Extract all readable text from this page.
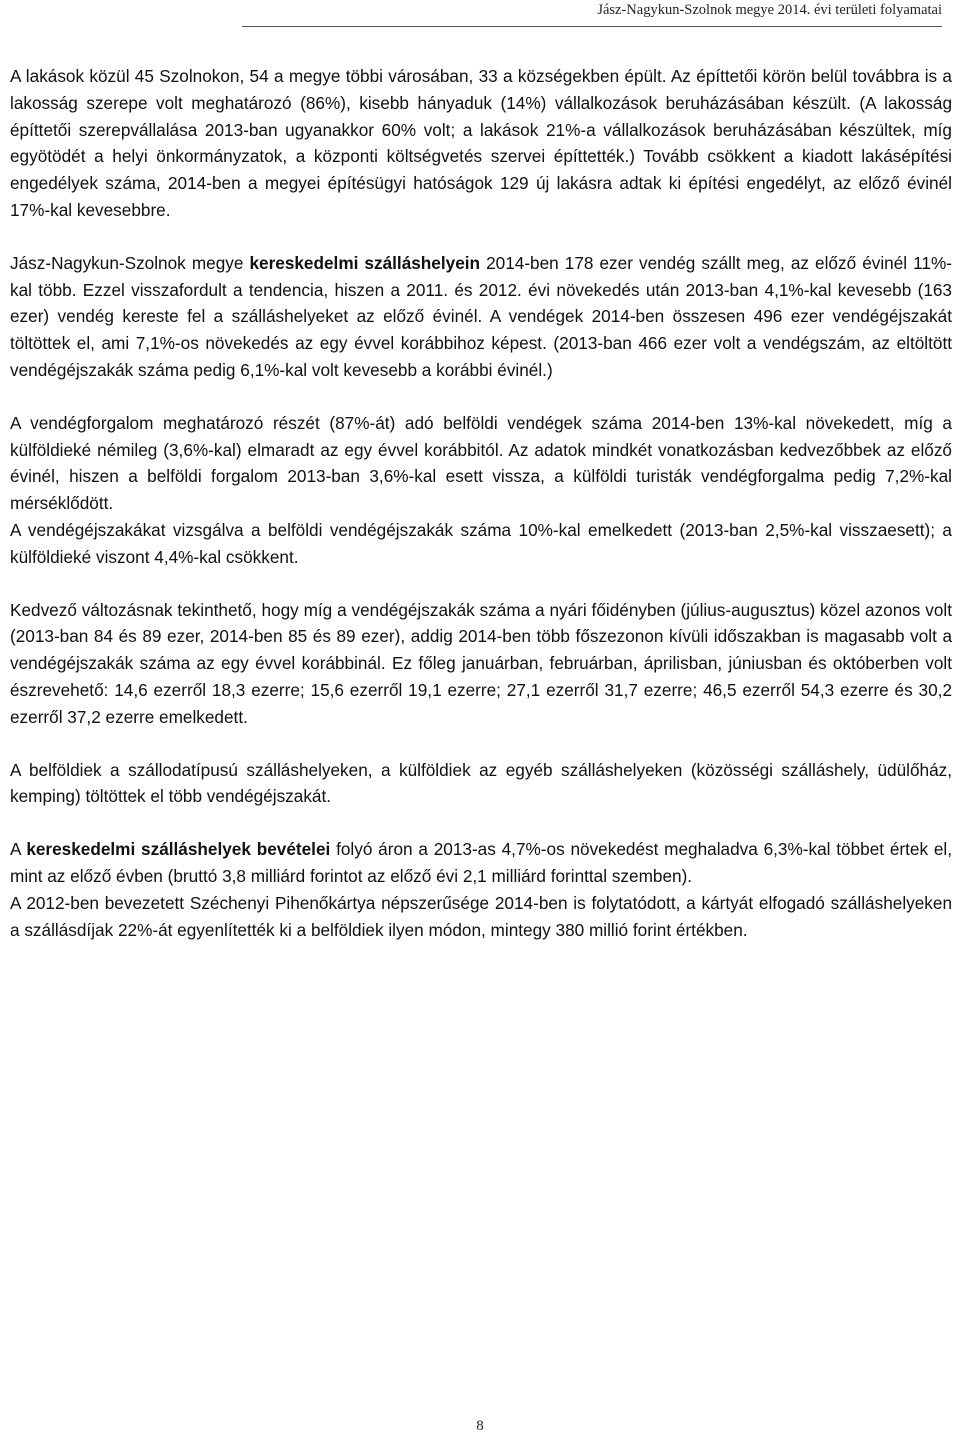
Jász-Nagykun-Szolnok megye 2014. évi területi folyamatai

A lakások közül 45 Szolnokon, 54 a megye többi városában, 33 a községekben épült. Az építtetői körön belül továbbra is a lakosság szerepe volt meghatározó (86%), kisebb hányaduk (14%) vállalkozások beruházásában készült. (A lakosság építtetői szerepvállalása 2013-ban ugyanakkor 60% volt; a lakások 21%-a vállalkozások beruházásában készültek, míg egyötödét a helyi önkormányzatok, a központi költségvetés szervei építtették.) Tovább csökkent a kiadott lakásépítési engedélyek száma, 2014-ben a megyei építésügyi hatóságok 129 új lakásra adtak ki építési engedélyt, az előző évinél 17%-kal kevesebbre.

Jász-Nagykun-Szolnok megye kereskedelmi szálláshelyein 2014-ben 178 ezer vendég szállt meg, az előző évinél 11%-kal több. Ezzel visszafordult a tendencia, hiszen a 2011. és 2012. évi növekedés után 2013-ban 4,1%-kal kevesebb (163 ezer) vendég kereste fel a szálláshelyeket az előző évinél. A vendégek 2014-ben összesen 496 ezer vendégéjszakát töltöttek el, ami 7,1%-os növekedés az egy évvel korábbihoz képest. (2013-ban 466 ezer volt a vendégszám, az eltöltött vendégéjszakák száma pedig 6,1%-kal volt kevesebb a korábbi évinél.)

A vendégforgalom meghatározó részét (87%-át) adó belföldi vendégek száma 2014-ben 13%-kal növekedett, míg a külföldieké némileg (3,6%-kal) elmaradt az egy évvel korábbitól. Az adatok mindkét vonatkozásban kedvezőbbek az előző évinél, hiszen a belföldi forgalom 2013-ban 3,6%-kal esett vissza, a külföldi turisták vendégforgalma pedig 7,2%-kal mérséklődött.

A vendégéjszakákat vizsgálva a belföldi vendégéjszakák száma 10%-kal emelkedett (2013-ban 2,5%-kal visszaesett); a külföldieké viszont 4,4%-kal csökkent.

Kedvező változásnak tekinthető, hogy míg a vendégéjszakák száma a nyári főidényben (július-augusztus) közel azonos volt (2013-ban 84 és 89 ezer, 2014-ben 85 és 89 ezer), addig 2014-ben több főszezonon kívüli időszakban is magasabb volt a vendégéjszakák száma az egy évvel korábbinál. Ez főleg januárban, februárban, áprilisban, júniusban és októberben volt észrevehető: 14,6 ezerről 18,3 ezerre; 15,6 ezerről 19,1 ezerre; 27,1 ezerről 31,7 ezerre; 46,5 ezerről 54,3 ezerre és 30,2 ezerről 37,2 ezerre emelkedett.

A belföldiek a szállodatípusú szálláshelyeken, a külföldiek az egyéb szálláshelyeken (közösségi szálláshely, üdülőház, kemping) töltöttek el több vendégéjszakát.

A kereskedelmi szálláshelyek bevételei folyó áron a 2013-as 4,7%-os növekedést meghaladva 6,3%-kal többet értek el, mint az előző évben (bruttó 3,8 milliárd forintot az előző évi 2,1 milliárd forinttal szemben).

A 2012-ben bevezetett Széchenyi Pihenőkártya népszerűsége 2014-ben is folytatódott, a kártyát elfogadó szálláshelyeken a szállásdíjak 22%-át egyenlítették ki a belföldiek ilyen módon, mintegy 380 millió forint értékben.

8
